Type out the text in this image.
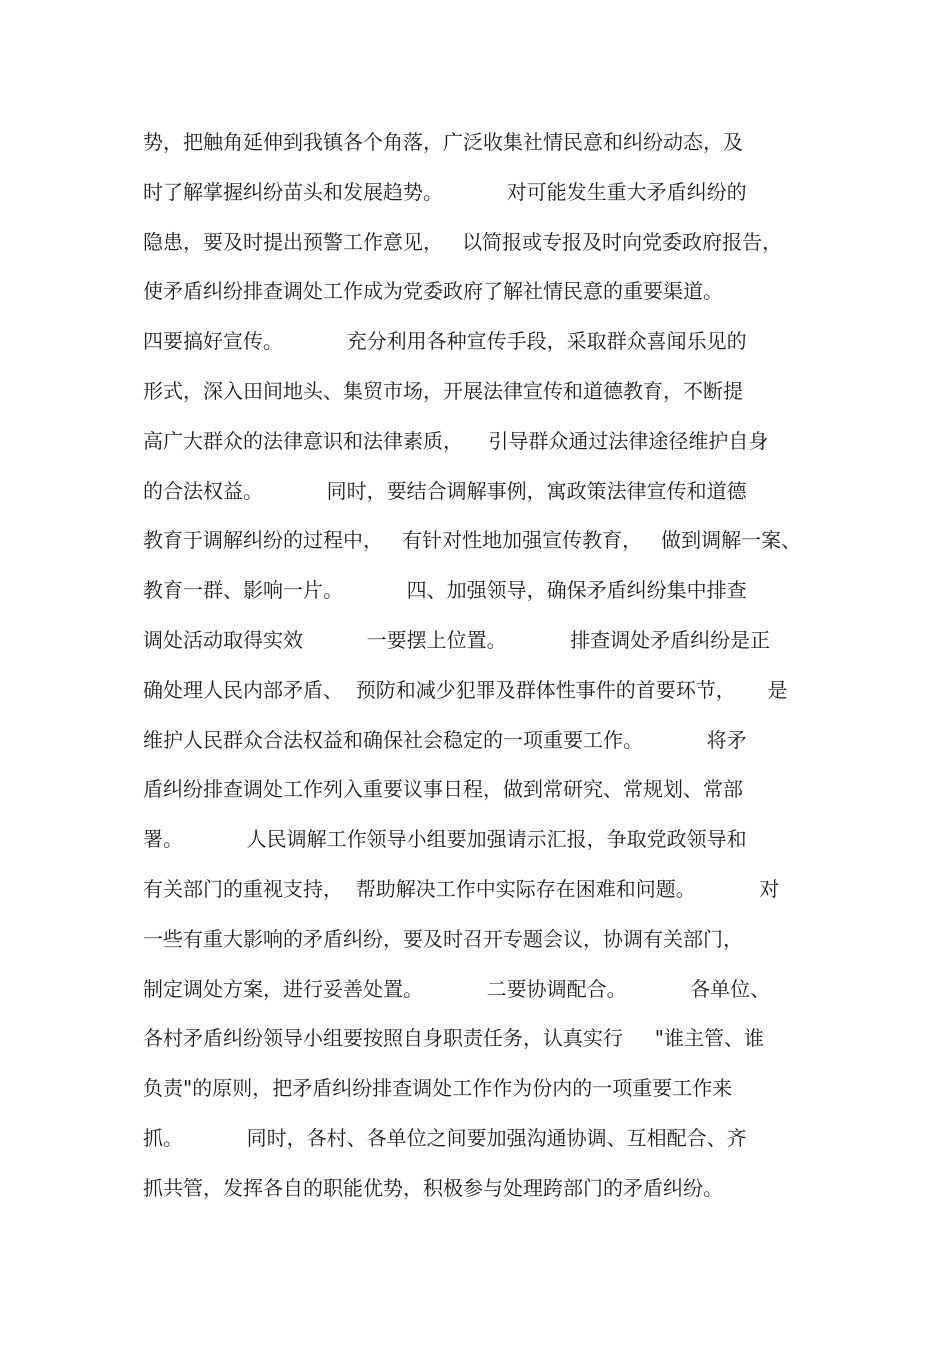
势，把触角延伸到我镇各个角落，广泛收集社情民意和纠纷动态，及
时了解掌握纠纷苗头和发展趋势。          对可能发生重大矛盾纠纷的
隐患，要及时提出预警工作意见，   以简报或专报及时向党委政府报告，
使矛盾纠纷排查调处工作成为党委政府了解社情民意的重要渠道。
四要搞好宣传。          充分利用各种宣传手段，采取群众喜闻乐见的
形式，深入田间地头、集贸市场，开展法律宣传和道德教育，不断提
高广大群众的法律意识和法律素质，    引导群众通过法律途径维护自身
的合法权益。          同时，要结合调解事例，寓政策法律宣传和道德
教育于调解纠纷的过程中，   有针对性地加强宣传教育，   做到调解一案、
教育一群、影响一片。          四、加强领导，确保矛盾纠纷集中排查
调处活动取得实效          一要摆上位置。          排查调处矛盾纠纷是正
确处理人民内部矛盾、  预防和减少犯罪及群体性事件的首要环节，     是
维护人民群众合法权益和确保社会稳定的一项重要工作。          将矛
盾纠纷排查调处工作列入重要议事日程，做到常研究、常规划、常部
署。          人民调解工作领导小组要加强请示汇报，争取党政领导和
有关部门的重视支持，  帮助解决工作中实际存在困难和问题。          对
一些有重大影响的矛盾纠纷，要及时召开专题会议，协调有关部门，
制定调处方案，进行妥善处置。          二要协调配合。          各单位、
各村矛盾纠纷领导小组要按照自身职责任务，认真实行     "谁主管、谁
负责"的原则，把矛盾纠纷排查调处工作作为份内的一项重要工作来
抓。          同时，各村、各单位之间要加强沟通协调、互相配合、齐
抓共管，发挥各自的职能优势，积极参与处理跨部门的矛盾纠纷。
